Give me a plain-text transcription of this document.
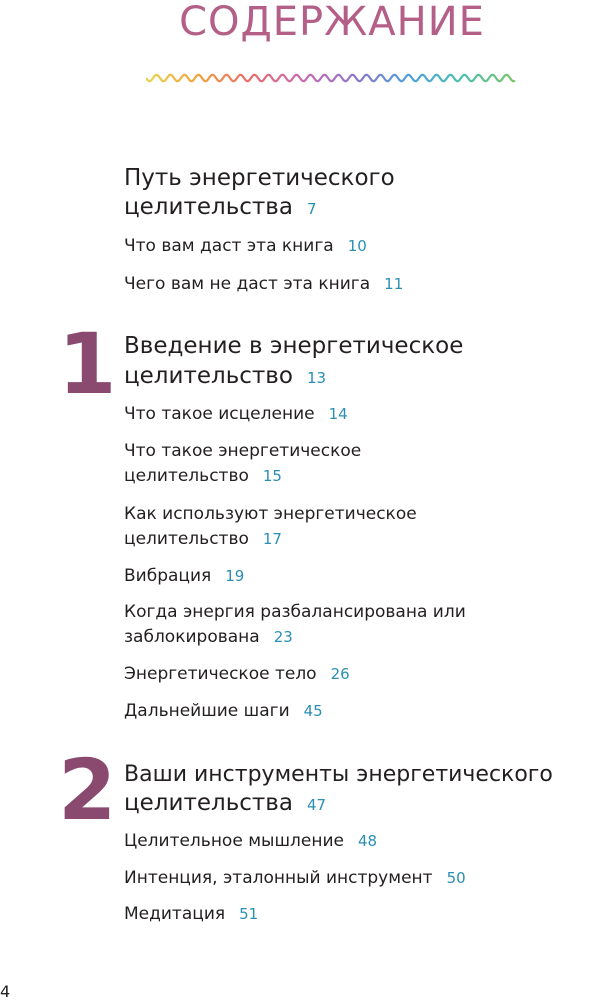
СОДЕРЖАНИЕ

Путь энергетического

целительства 7

Что вам даст эта книга 10

Чего вам не даст эта книга 11

1 Введение в энергетическое

целительство 13

Что такое исцеление 14

Что такое энергетическое

целительство 15

Как используют энергетическое

целительство 17

Вибрация 19

Когда энергия разбалансирована или

заблокирована 23

Энергетическое тело 26

Дальнейшие шаги 45

2 Ваши инструменты энергетического

целительства 47

Целительное мышление 48

Интенция, эталонный инструмент 50

Медитация 51

4
